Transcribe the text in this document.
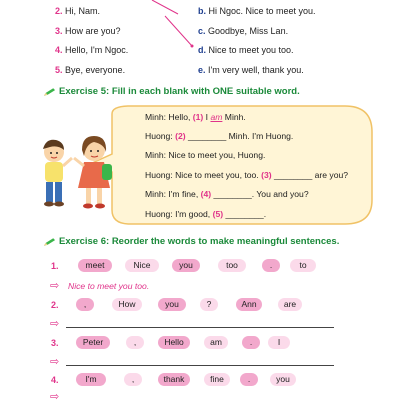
2. Hi, Nam.
3. How are you?
4. Hello, I'm Ngoc.
5. Bye, everyone.
b. Hi Ngoc. Nice to meet you.
c. Goodbye, Miss Lan.
d. Nice to meet you too.
e. I'm very well, thank you.
Exercise 5: Fill in each blank with ONE suitable word.
Minh: Hello, (1) I am Minh.
Huong: (2) ________ Minh. I'm Huong.
Minh: Nice to meet you, Huong.
Huong: Nice to meet you, too. (3) ________ are you?
Minh: I'm fine, (4) ________. You and you?
Huong: I'm good, (5) ________.
Exercise 6: Reorder the words to make meaningful sentences.
1.	meet	Nice	you	too	.	to
⇨ Nice to meet you too.
2.	,	How	you	?	Ann	are
⇨
3.	Peter	,	Hello	am	.	I
⇨
4.	I'm	,	thank	fine	.	you
⇨
